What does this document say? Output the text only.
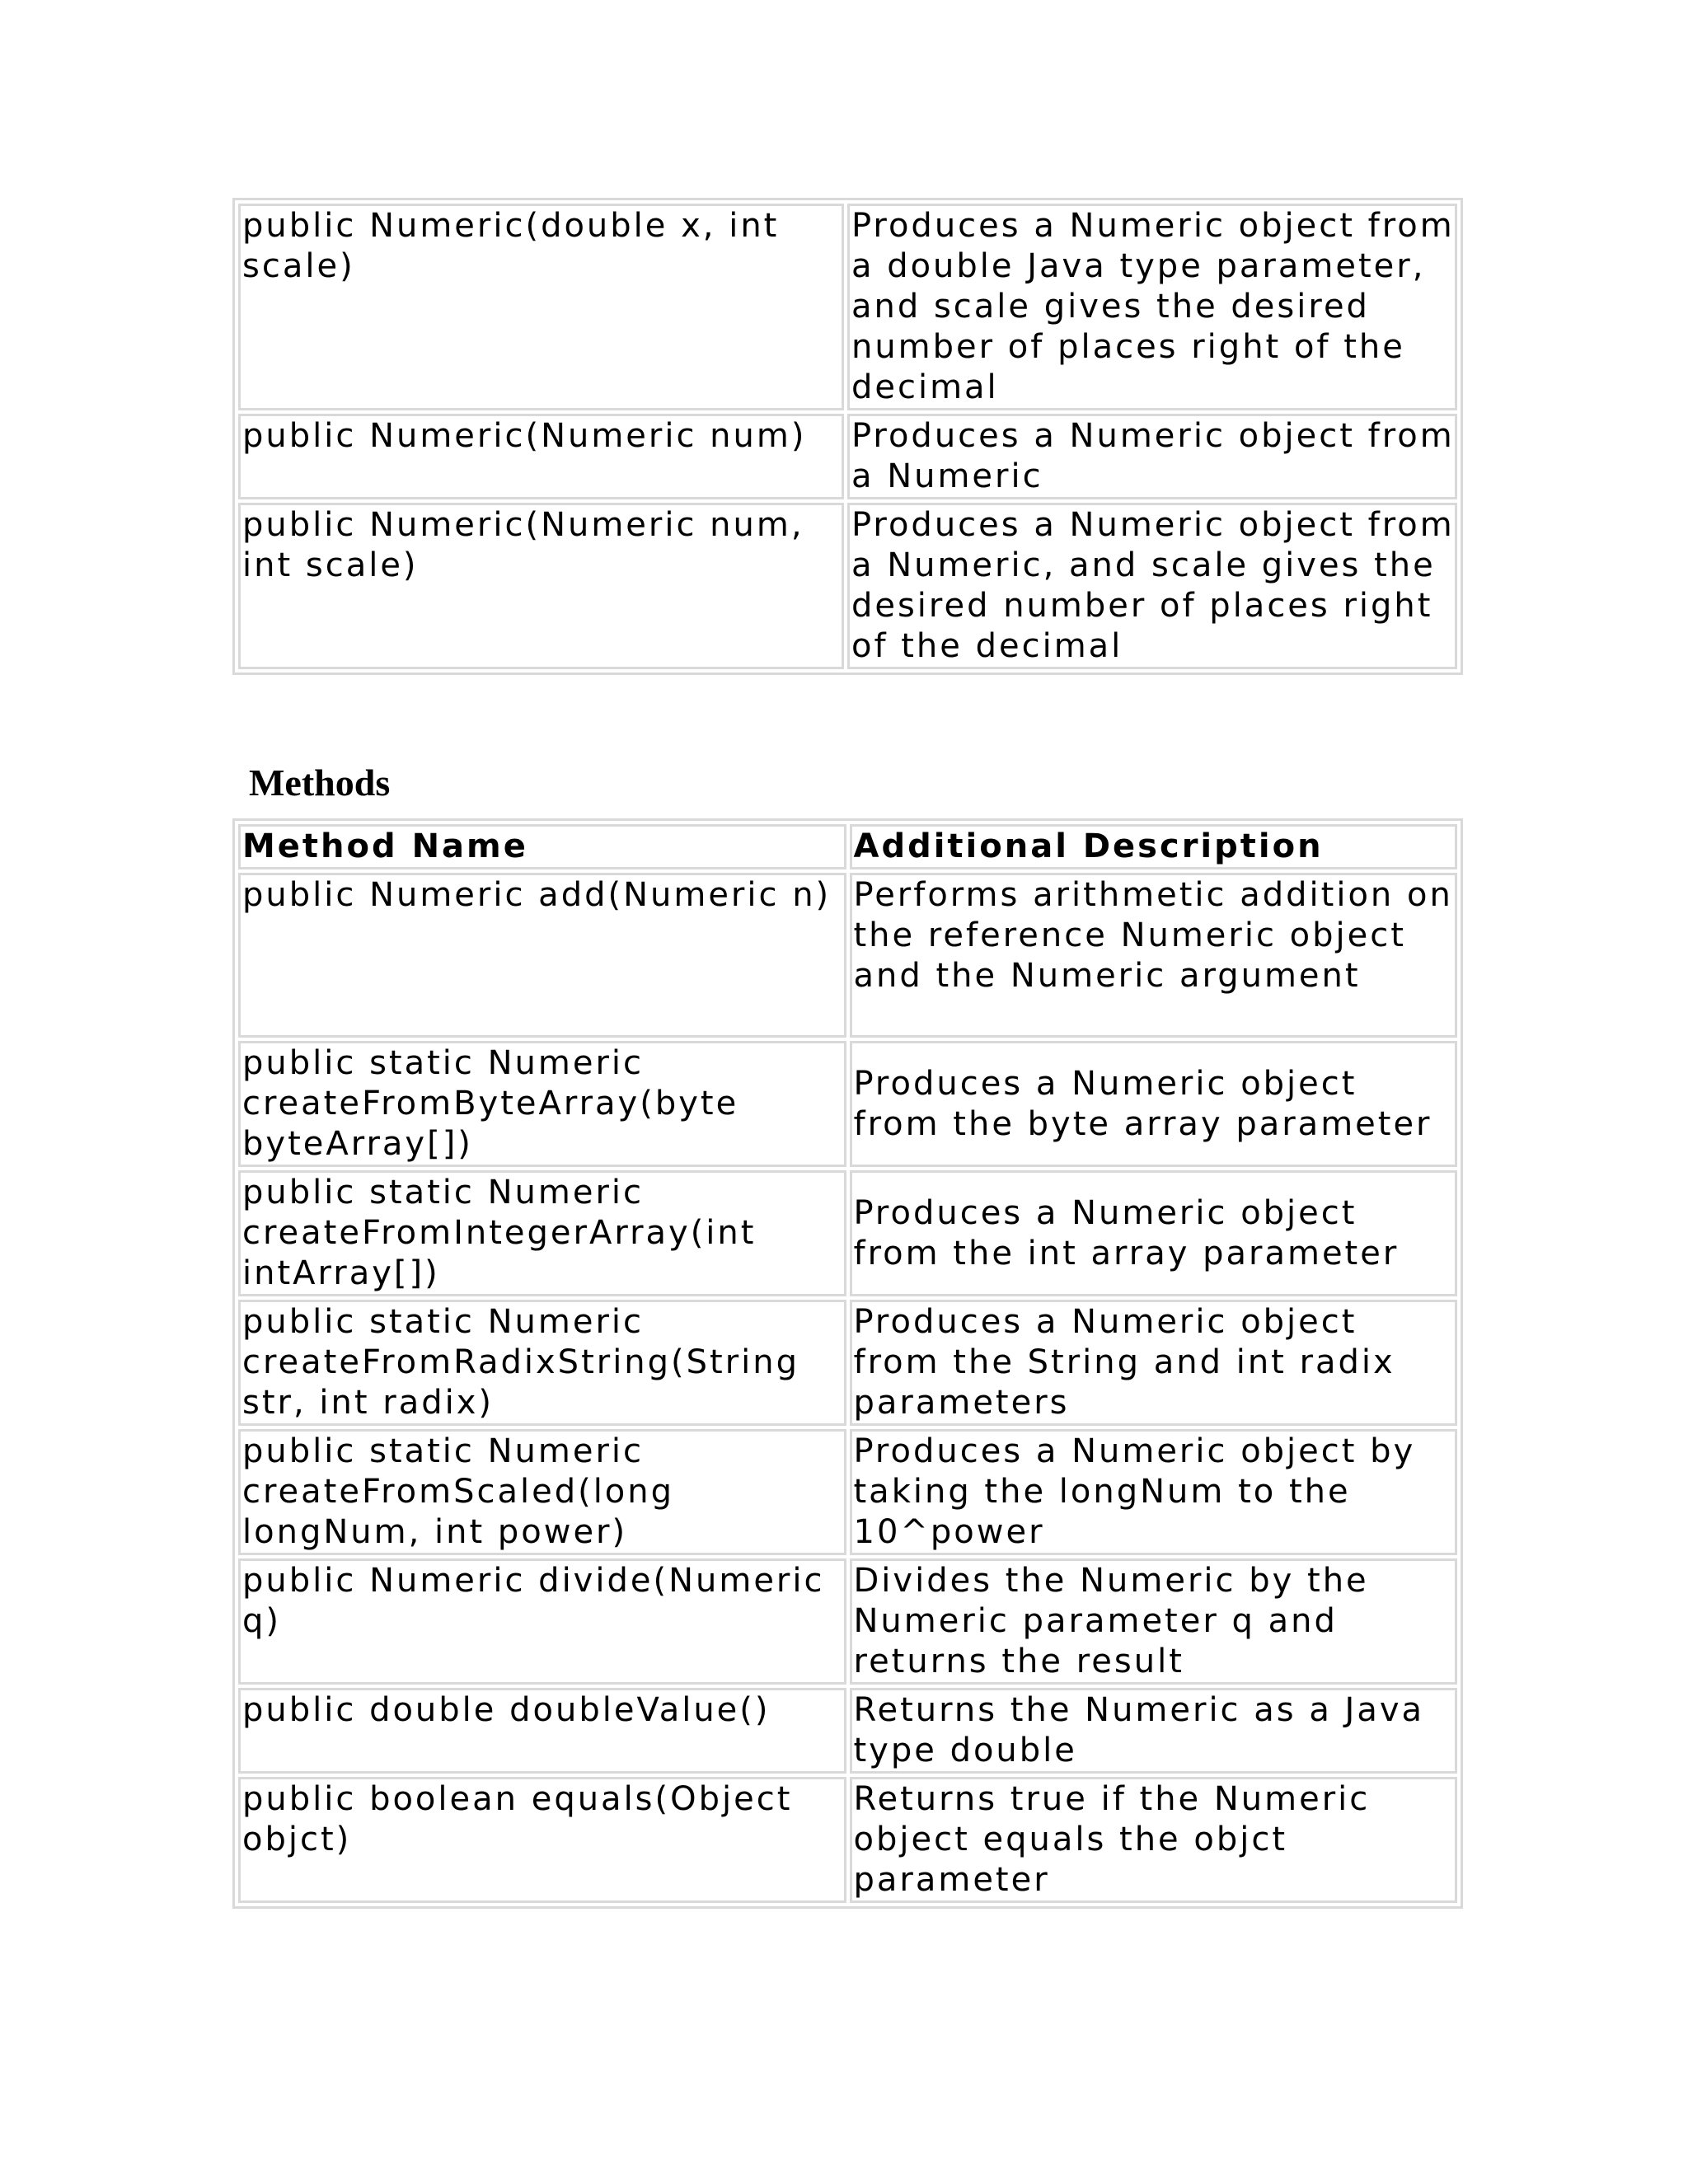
public Numeric(double x, int scale)	Produces a Numeric object from a double Java type parameter, and scale gives the desired number of places right of the decimal
public Numeric(Numeric num)	Produces a Numeric object from a Numeric
public Numeric(Numeric num, int scale)	Produces a Numeric object from a Numeric, and scale gives the desired number of places right of the decimal
Methods
Method Name	Additional Description
public Numeric add(Numeric n)	Performs arithmetic addition on the reference Numeric object and the Numeric argument
public static Numeric createFromByteArray(byte byteArray[])	Produces a Numeric object from the byte array parameter
public static Numeric createFromIntegerArray(int intArray[])	Produces a Numeric object from the int array parameter
public static Numeric createFromRadixString(String str, int radix)	Produces a Numeric object from the String and int radix parameters
public static Numeric createFromScaled(long longNum, int power)	Produces a Numeric object by taking the longNum to the 10^power
public Numeric divide(Numeric q)	Divides the Numeric by the Numeric parameter q and returns the result
public double doubleValue()	Returns the Numeric as a Java type double
public boolean equals(Object objct)	Returns true if the Numeric object equals the objct parameter
